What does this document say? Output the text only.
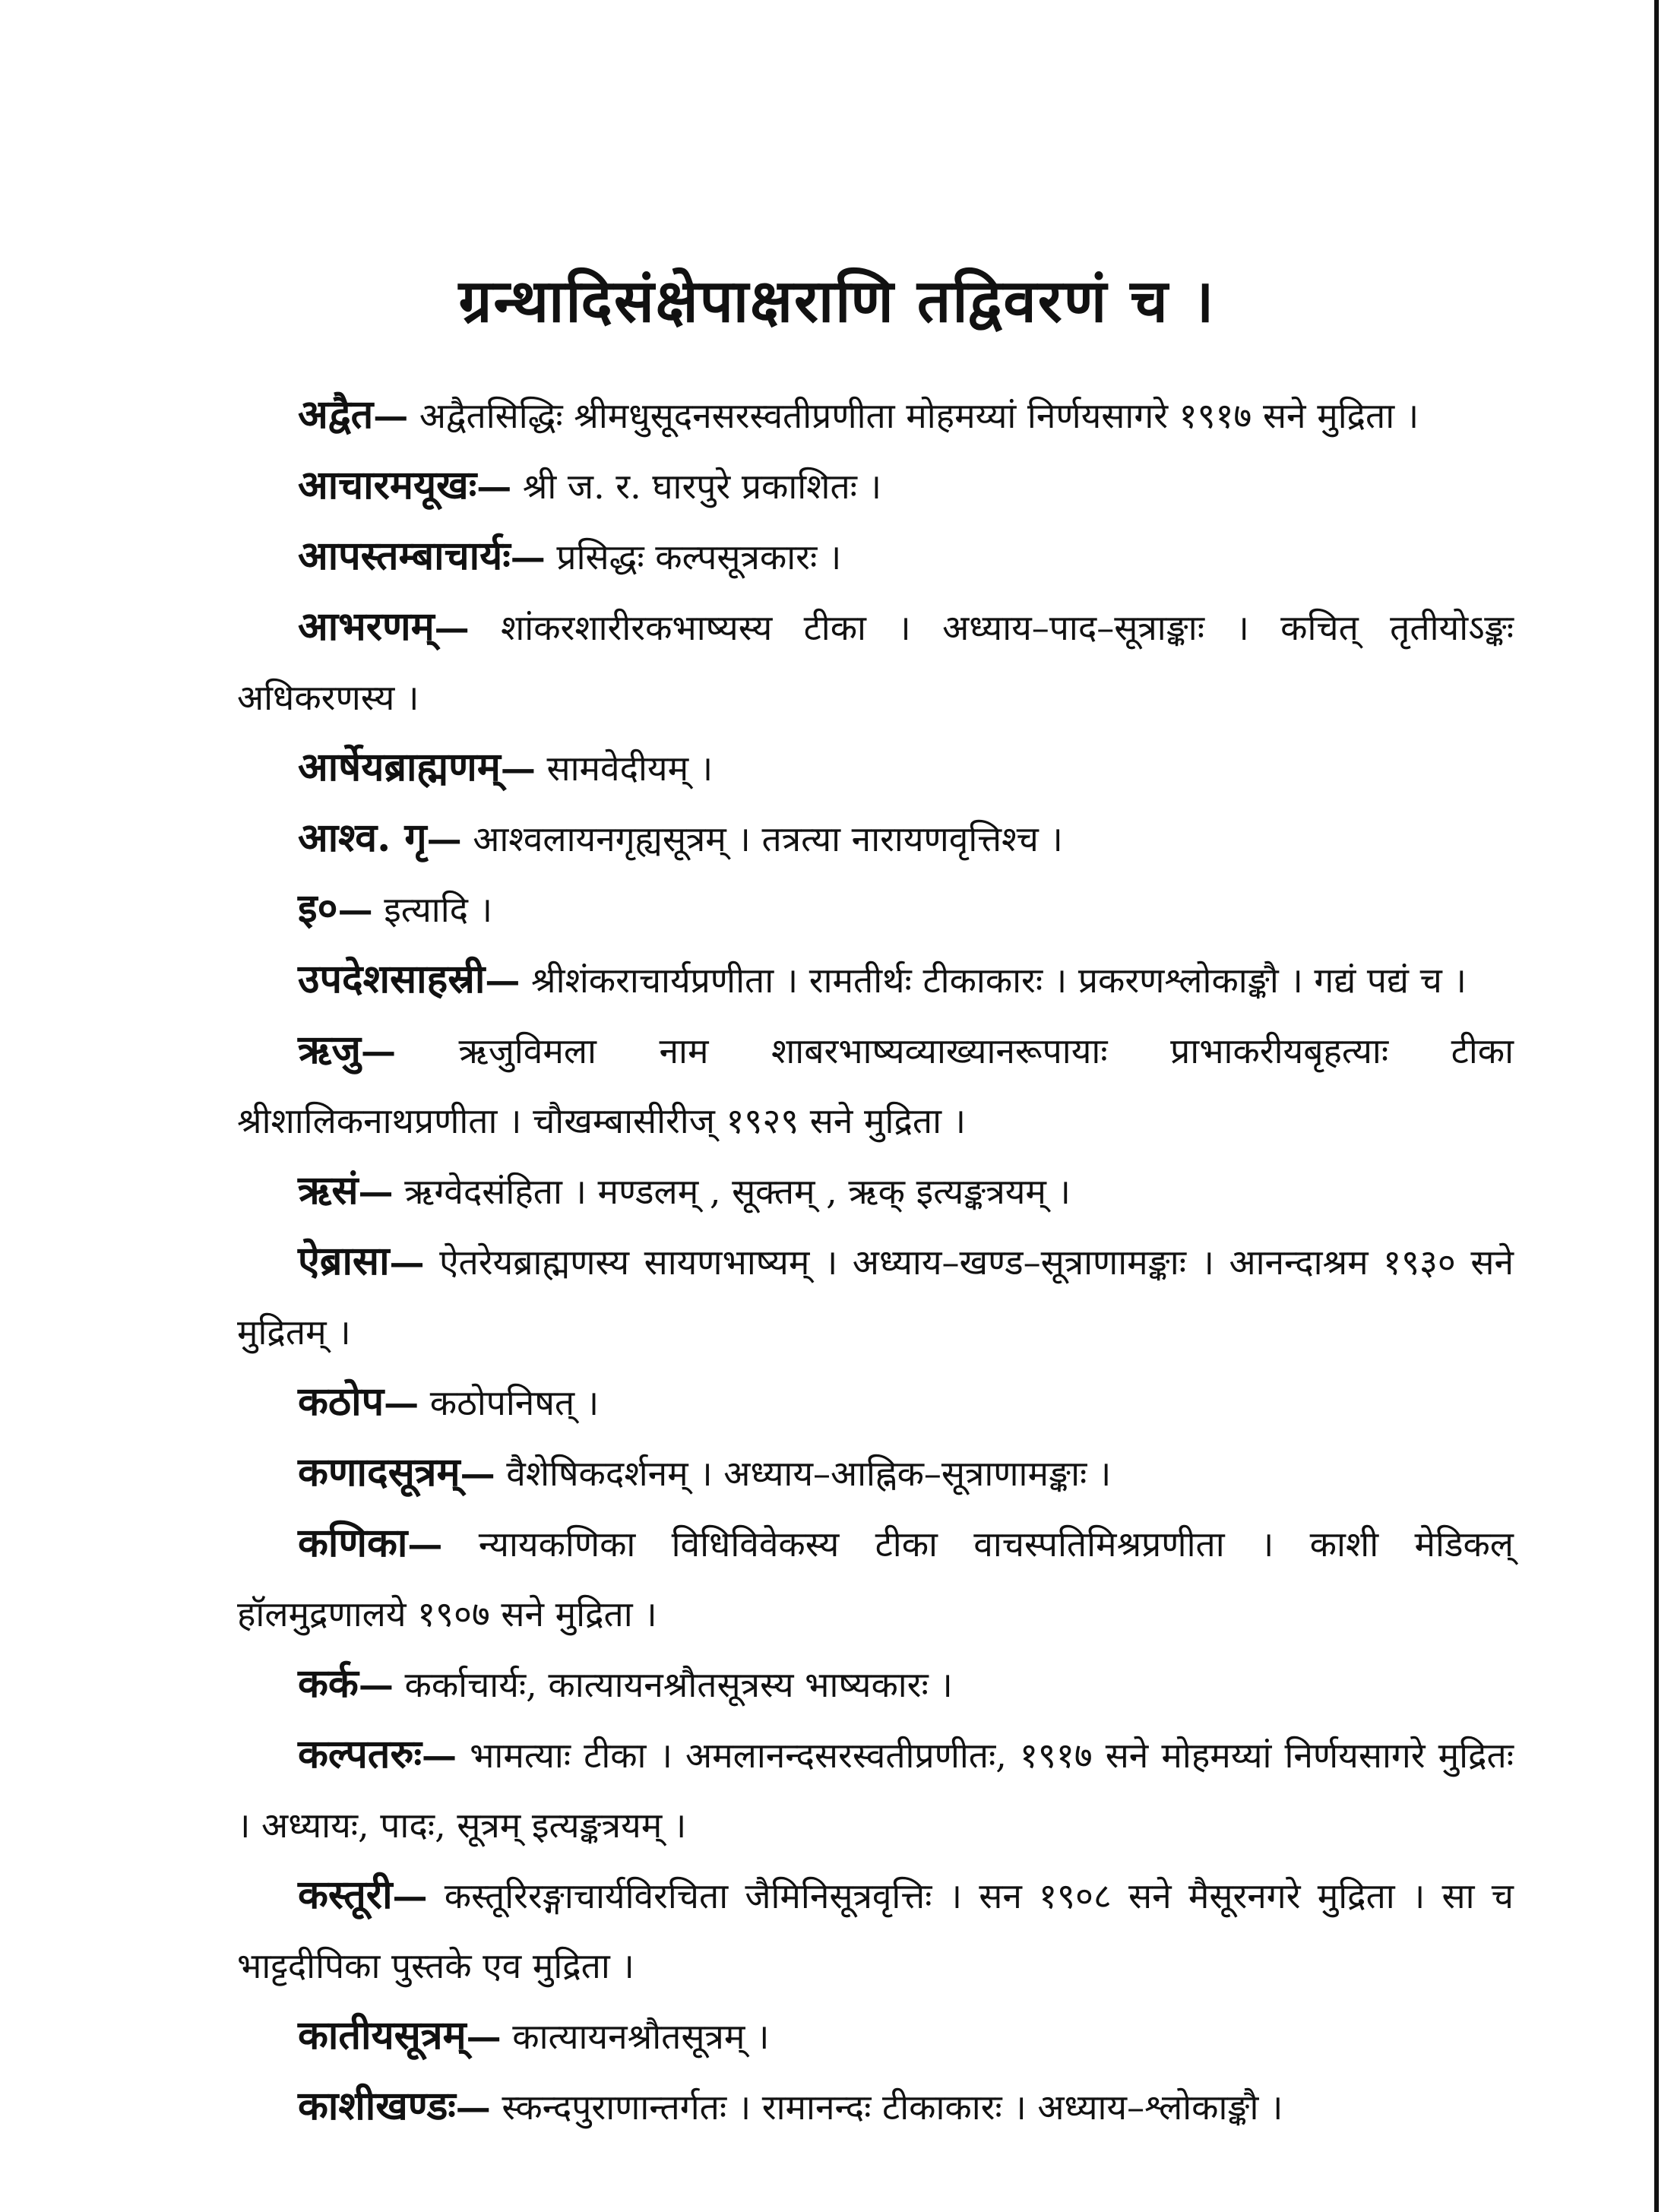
ग्रन्थादिसंक्षेपाक्षराणि तद्विवरणं च ।
अद्वैत— अद्वैतसिद्धिः श्रीमधुसूदनसरस्वतीप्रणीता मोहमय्यां निर्णयसागरे १९१७ सने मुद्रिता ।
आचारमयूखः— श्री ज. र. घारपुरे प्रकाशितः ।
आपस्तम्बाचार्यः— प्रसिद्धः कल्पसूत्रकारः ।
आभरणम्— शांकरशारीरकभाष्यस्य टीका । अध्याय–पाद–सूत्राङ्काः । कचित् तृतीयोऽङ्कः अधिकरणस्य ।
आर्षेयब्राह्मणम्— सामवेदीयम् ।
आश्व. गृ— आश्वलायनगृह्यसूत्रम् । तत्रत्या नारायणवृत्तिश्च ।
इ०— इत्यादि ।
उपदेशसाहस्री— श्रीशंकराचार्यप्रणीता । रामतीर्थः टीकाकारः । प्रकरणश्लोकाङ्कौ । गद्यं पद्यं च ।
ऋजु— ऋजुविमला नाम शाबरभाष्यव्याख्यानरूपायाः प्राभाकरीयबृहत्याः टीका श्रीशालिकनाथप्रणीता । चौखम्बासीरीज् १९२९ सने मुद्रिता ।
ऋसं— ऋग्वेदसंहिता । मण्डलम् , सूक्तम् , ऋक् इत्यङ्कत्रयम् ।
ऐब्रासा— ऐतरेयब्राह्मणस्य सायणभाष्यम् । अध्याय–खण्ड–सूत्राणामङ्काः । आनन्दाश्रम १९३० सने मुद्रितम् ।
कठोप— कठोपनिषत् ।
कणादसूत्रम्— वैशेषिकदर्शनम् । अध्याय–आह्निक–सूत्राणामङ्काः ।
कणिका— न्यायकणिका विधिविवेकस्य टीका वाचस्पतिमिश्रप्रणीता । काशी मेडिकल् हॉलमुद्रणालये १९०७ सने मुद्रिता ।
कर्क— कर्काचार्यः, कात्यायनश्रौतसूत्रस्य भाष्यकारः ।
कल्पतरुः— भामत्याः टीका । अमलानन्दसरस्वतीप्रणीतः, १९१७ सने मोहमय्यां निर्णयसागरे मुद्रितः । अध्यायः, पादः, सूत्रम् इत्यङ्कत्रयम् ।
कस्तूरी— कस्तूरिरङ्गाचार्यविरचिता जैमिनिसूत्रवृत्तिः । सन १९०८ सने मैसूरनगरे मुद्रिता । सा च भाट्टदीपिका पुस्तके एव मुद्रिता ।
कातीयसूत्रम्— कात्यायनश्रौतसूत्रम् ।
काशीखण्डः— स्कन्दपुराणान्तर्गतः । रामानन्दः टीकाकारः । अध्याय–श्लोकाङ्कौ ।
